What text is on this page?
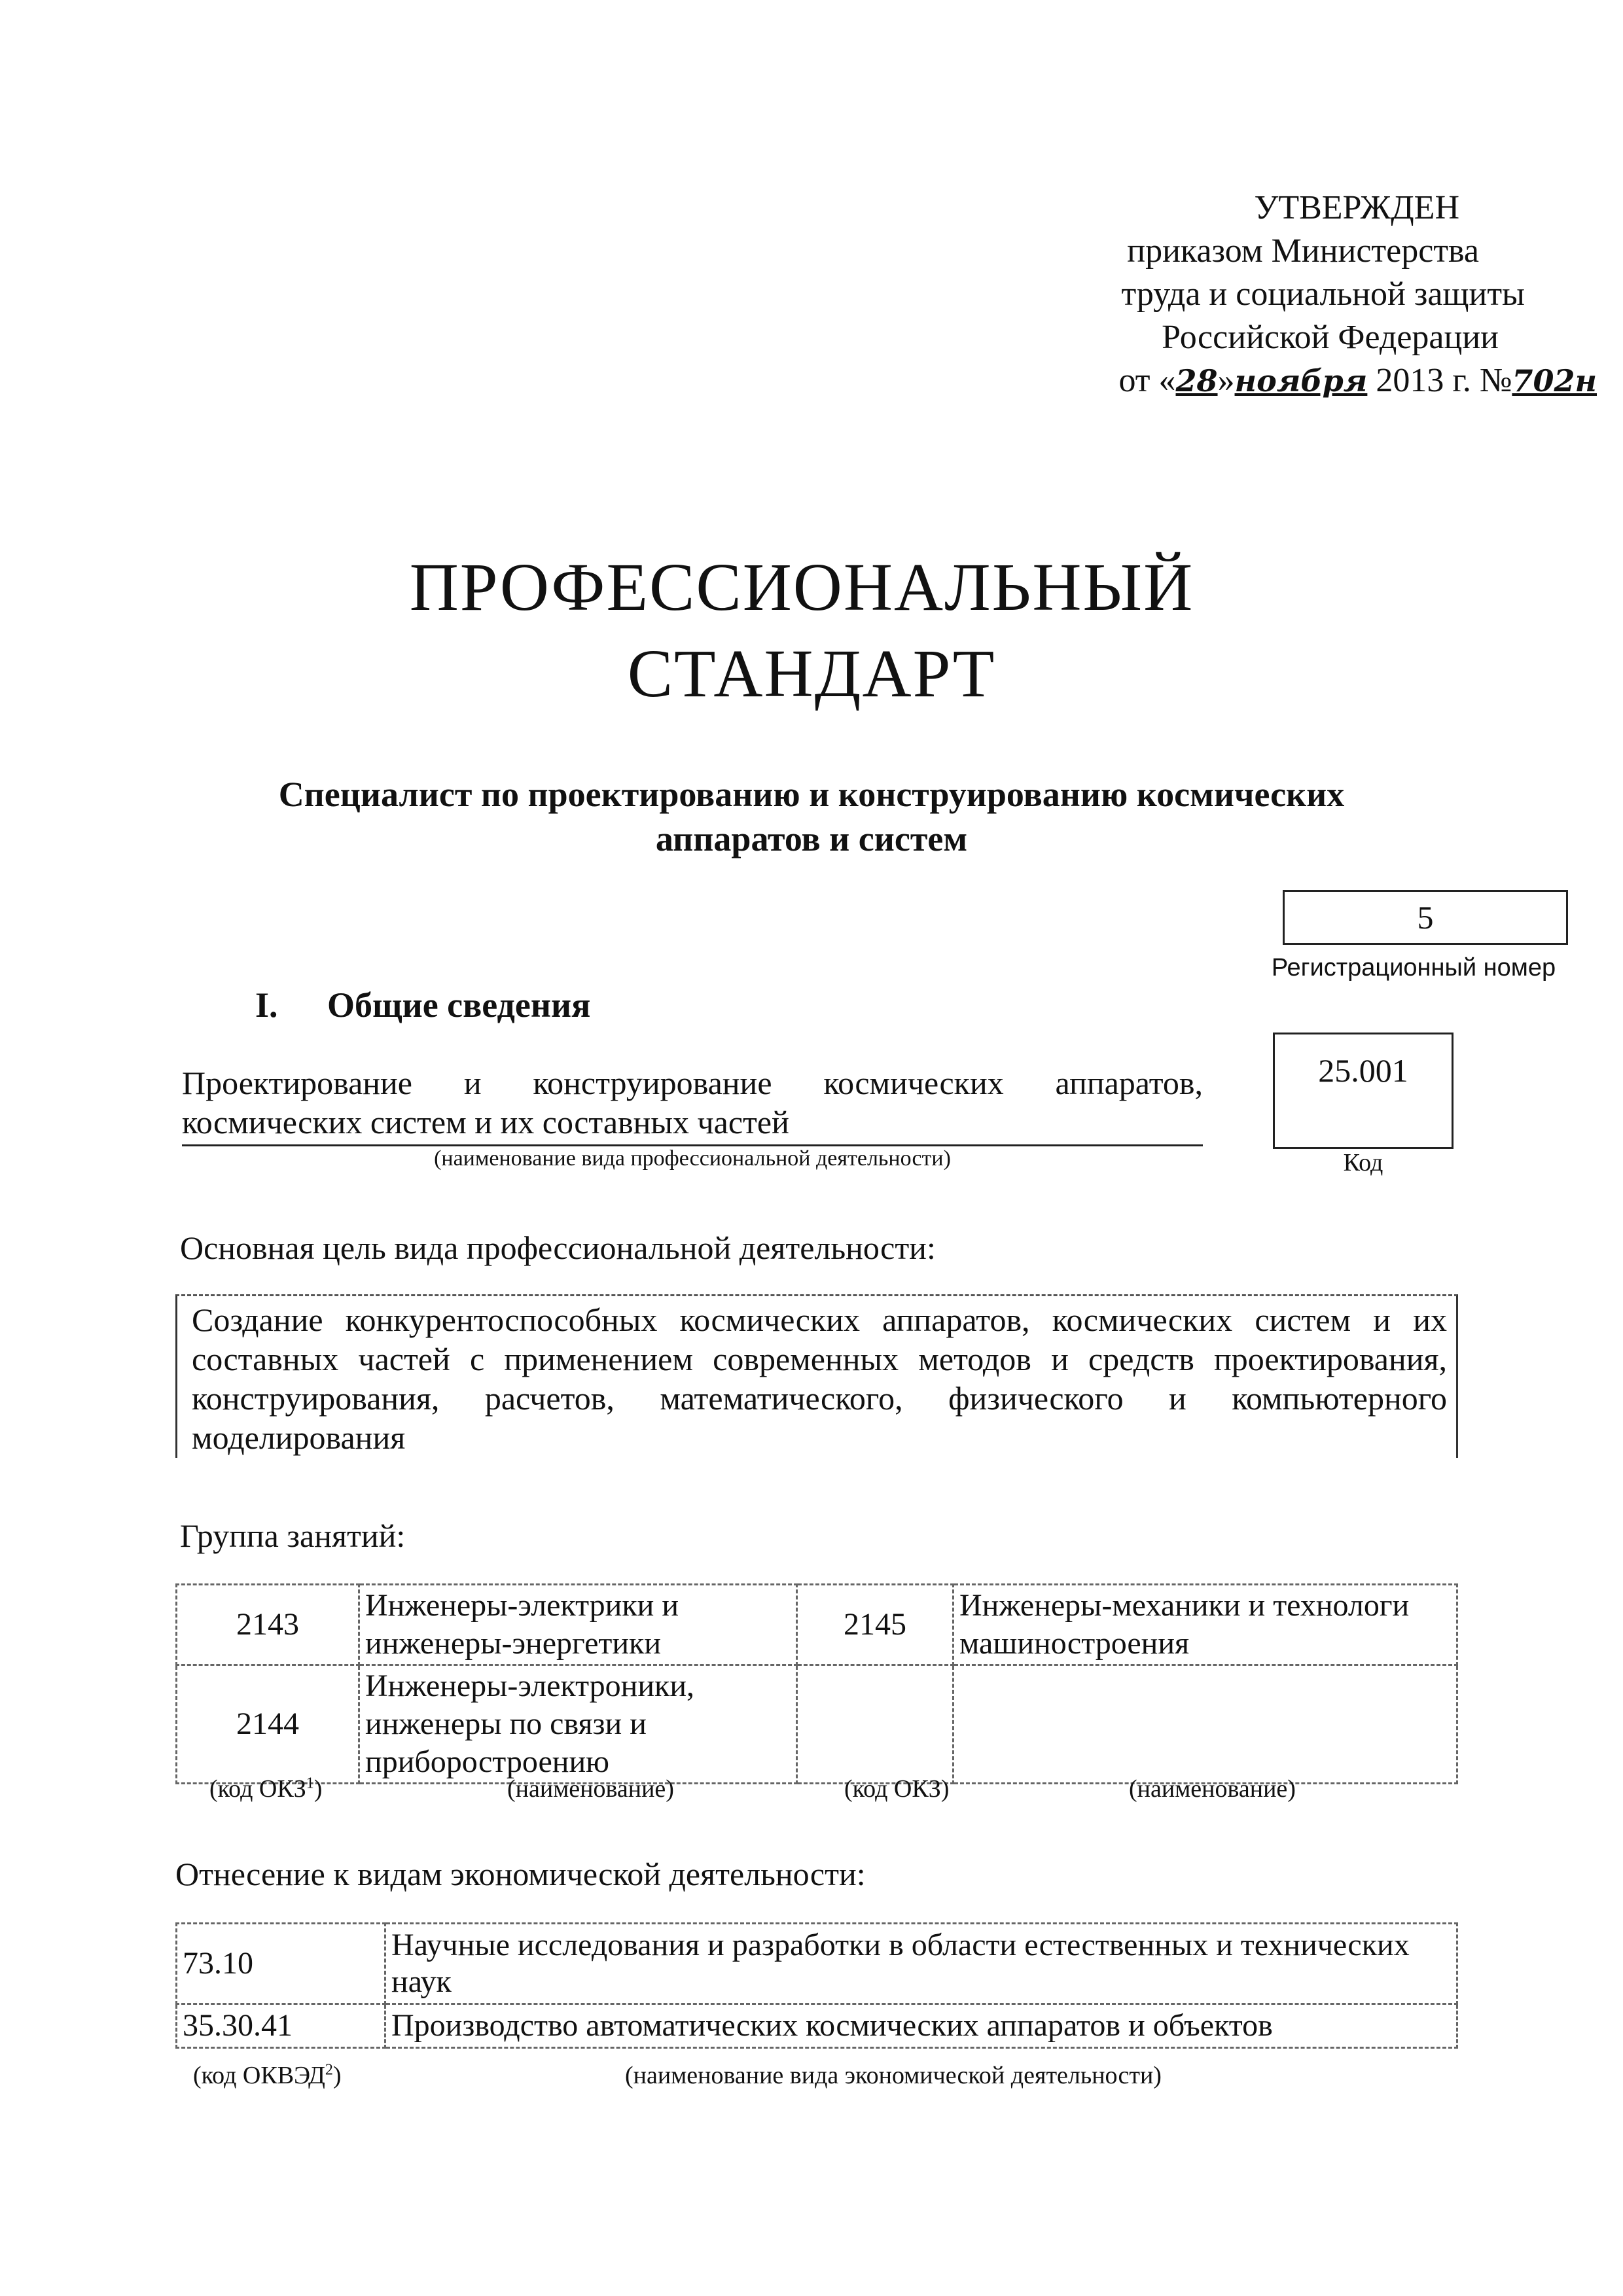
УТВЕРЖДЕН
приказом Министерства
труда и социальной защиты
Российской Федерации
от «28»ноября 2013 г. №702н
ПРОФЕССИОНАЛЬНЫЙ
СТАНДАРТ
Специалист по проектированию и конструированию космических
аппаратов и систем
5
Регистрационный номер
I. Общие сведения
Проектирование и конструирование космических аппаратов,
космических систем и их составных частей
(наименование вида профессиональной деятельности)
25.001
Код
Основная цель вида профессиональной деятельности:
Создание конкурентоспособных космических аппаратов, космических систем и их
составных частей с применением современных методов и средств проектирования,
конструирования, расчетов, математического, физического и компьютерного
моделирования
Группа занятий:
2143	Инженеры-электрики и инженеры-энергетики	2145	Инженеры-механики и технологи машиностроения
2144	Инженеры-электроники, инженеры по связи и приборостроению		
(код ОКЗ$^1$)	(наименование)	(код ОКЗ)	(наименование)
Отнесение к видам экономической деятельности:
73.10	Научные исследования и разработки в области естественных и технических наук
35.30.41	Производство автоматических космических аппаратов и объектов
(код ОКВЭД$^2$)	(наименование вида экономической деятельности)
